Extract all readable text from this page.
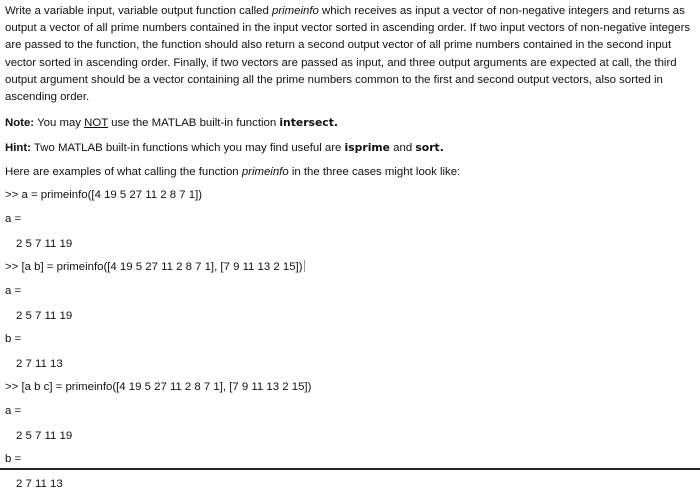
Write a variable input, variable output function called primeinfo which receives as input a vector of non-negative integers and returns as output a vector of all prime numbers contained in the input vector sorted in ascending order. If two input vectors of non-negative integers are passed to the function, the function should also return a second output vector of all prime numbers contained in the second input vector sorted in ascending order. Finally, if two vectors are passed as input, and three output arguments are expected at call, the third output argument should be a vector containing all the prime numbers common to the first and second output vectors, also sorted in ascending order.

Note: You may NOT use the MATLAB built-in function intersect.

Hint: Two MATLAB built-in functions which you may find useful are isprime and sort.

Here are examples of what calling the function primeinfo in the three cases might look like:

>> a = primeinfo([4 19 5 27 11 2 8 7 1])

a =

2 5 7 11 19

>> [a b] = primeinfo([4 19 5 27 11 2 8 7 1], [7 9 11 13 2 15])

a =

2 5 7 11 19

b =

2 7 11 13

>> [a b c] = primeinfo([4 19 5 27 11 2 8 7 1], [7 9 11 13 2 15])

a =

2 5 7 11 19

b =

2 7 11 13
